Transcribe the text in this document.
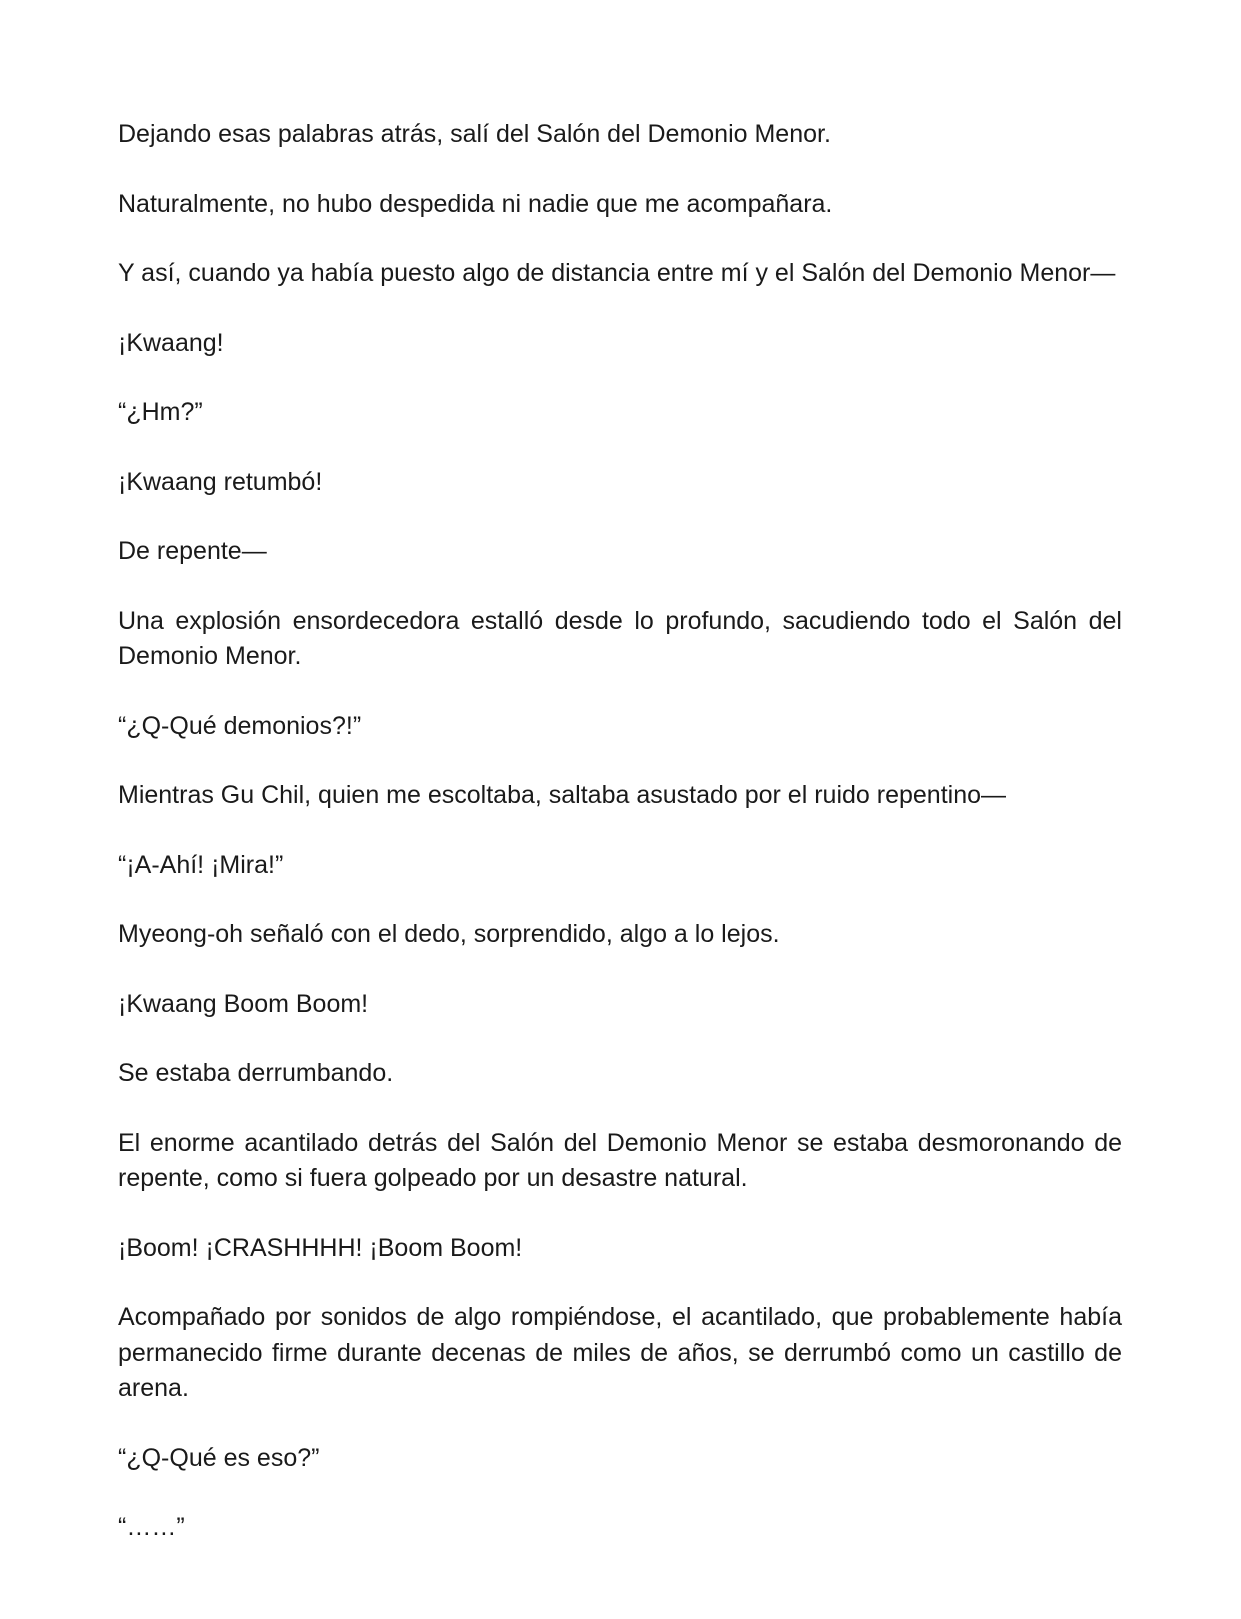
Dejando esas palabras atrás, salí del Salón del Demonio Menor.

Naturalmente, no hubo despedida ni nadie que me acompañara.

Y así, cuando ya había puesto algo de distancia entre mí y el Salón del Demonio Menor—

¡Kwaang!

“¿Hm?”

¡Kwaang retumbó!

De repente—

Una explosión ensordecedora estalló desde lo profundo, sacudiendo todo el Salón del Demonio Menor.

“¿Q-Qué demonios?!”

Mientras Gu Chil, quien me escoltaba, saltaba asustado por el ruido repentino—

“¡A-Ahí! ¡Mira!”

Myeong-oh señaló con el dedo, sorprendido, algo a lo lejos.

¡Kwaang Boom Boom!

Se estaba derrumbando.

El enorme acantilado detrás del Salón del Demonio Menor se estaba desmoronando de repente, como si fuera golpeado por un desastre natural.

¡Boom! ¡CRASHHHH! ¡Boom Boom!

Acompañado por sonidos de algo rompiéndose, el acantilado, que probablemente había permanecido firme durante decenas de miles de años, se derrumbó como un castillo de arena.

“¿Q-Qué es eso?”

“……”
